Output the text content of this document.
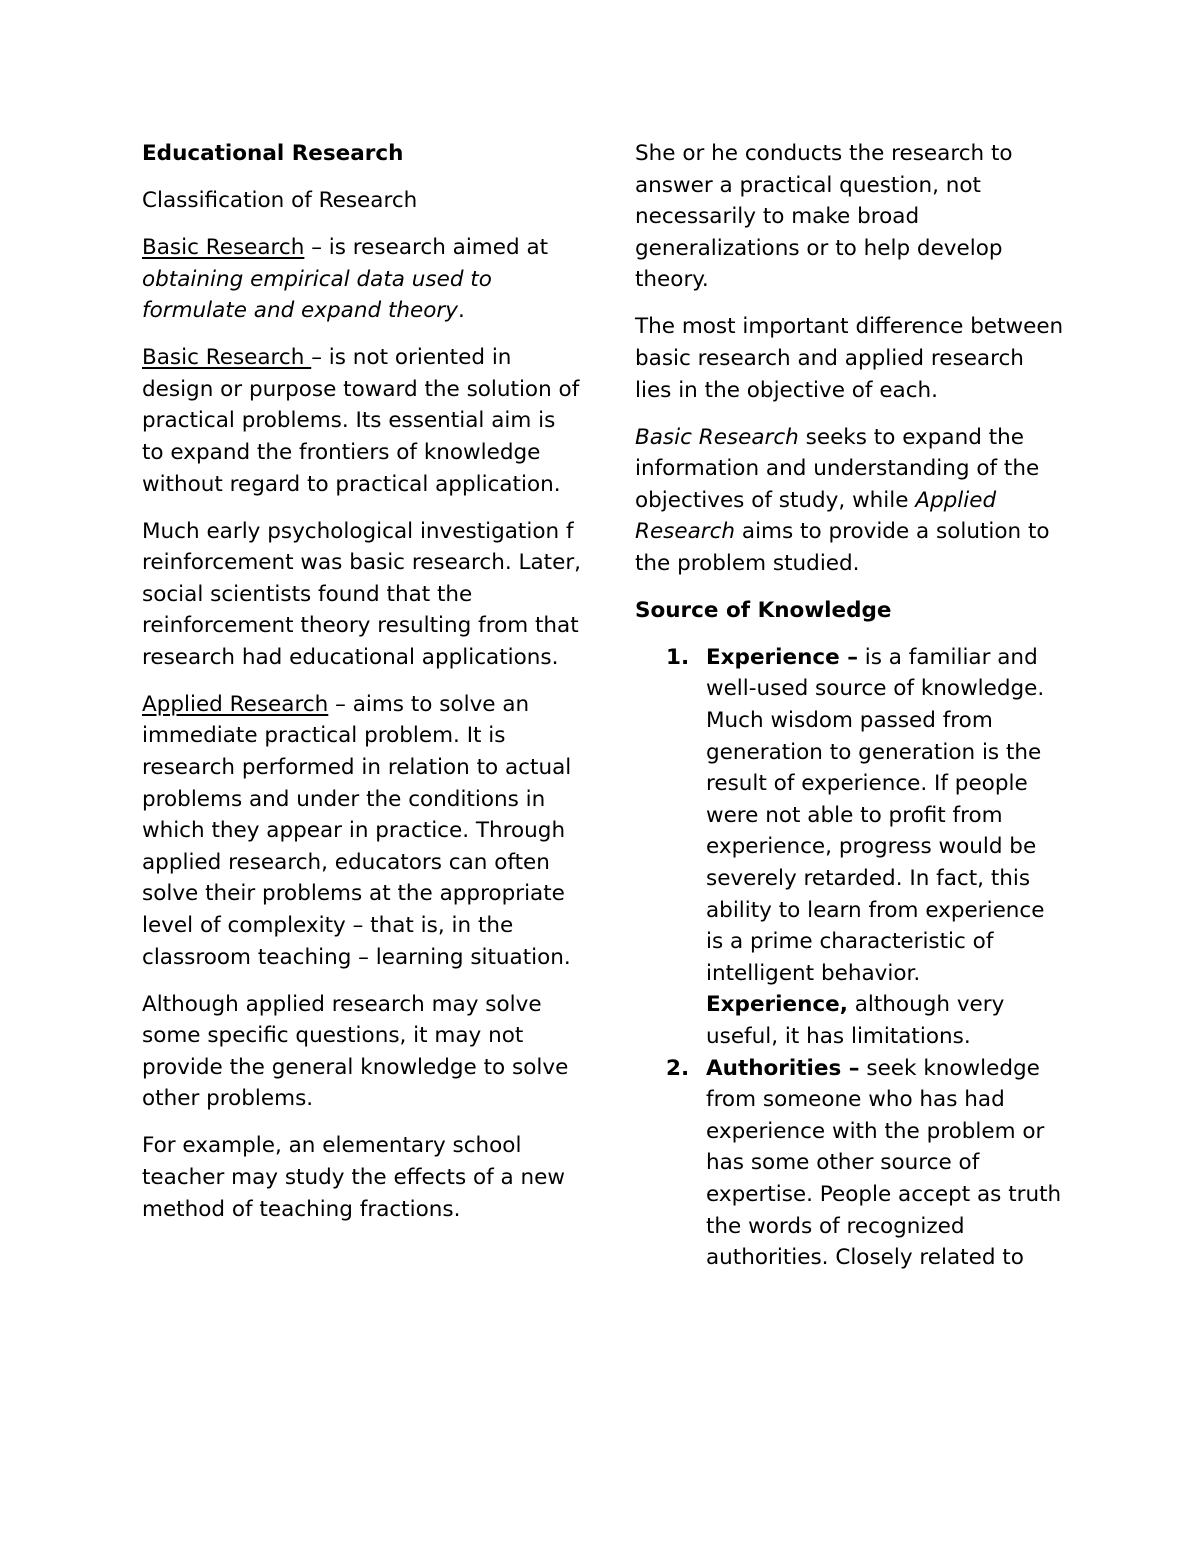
Educational Research

Classification of Research

Basic Research – is research aimed at obtaining empirical data used to formulate and expand theory.

Basic Research – is not oriented in design or purpose toward the solution of practical problems. Its essential aim is to expand the frontiers of knowledge without regard to practical application.

Much early psychological investigation f reinforcement was basic research. Later, social scientists found that the reinforcement theory resulting from that research had educational applications.

Applied Research – aims to solve an immediate practical problem. It is research performed in relation to actual problems and under the conditions in which they appear in practice. Through applied research, educators can often solve their problems at the appropriate level of complexity – that is, in the classroom teaching – learning situation.

Although applied research may solve some specific questions, it may not provide the general knowledge to solve other problems.

For example, an elementary school teacher may study the effects of a new method of teaching fractions.

She or he conducts the research to answer a practical question, not necessarily to make broad generalizations or to help develop theory.

The most important difference between basic research and applied research lies in the objective of each.

Basic Research seeks to expand the information and understanding of the objectives of study, while Applied Research aims to provide a solution to the problem studied.

Source of Knowledge

1. Experience – is a familiar and well-used source of knowledge. Much wisdom passed from generation to generation is the result of experience. If people were not able to profit from experience, progress would be severely retarded. In fact, this ability to learn from experience is a prime characteristic of intelligent behavior. Experience, although very useful, it has limitations.
2. Authorities – seek knowledge from someone who has had experience with the problem or has some other source of expertise. People accept as truth the words of recognized authorities. Closely related to
